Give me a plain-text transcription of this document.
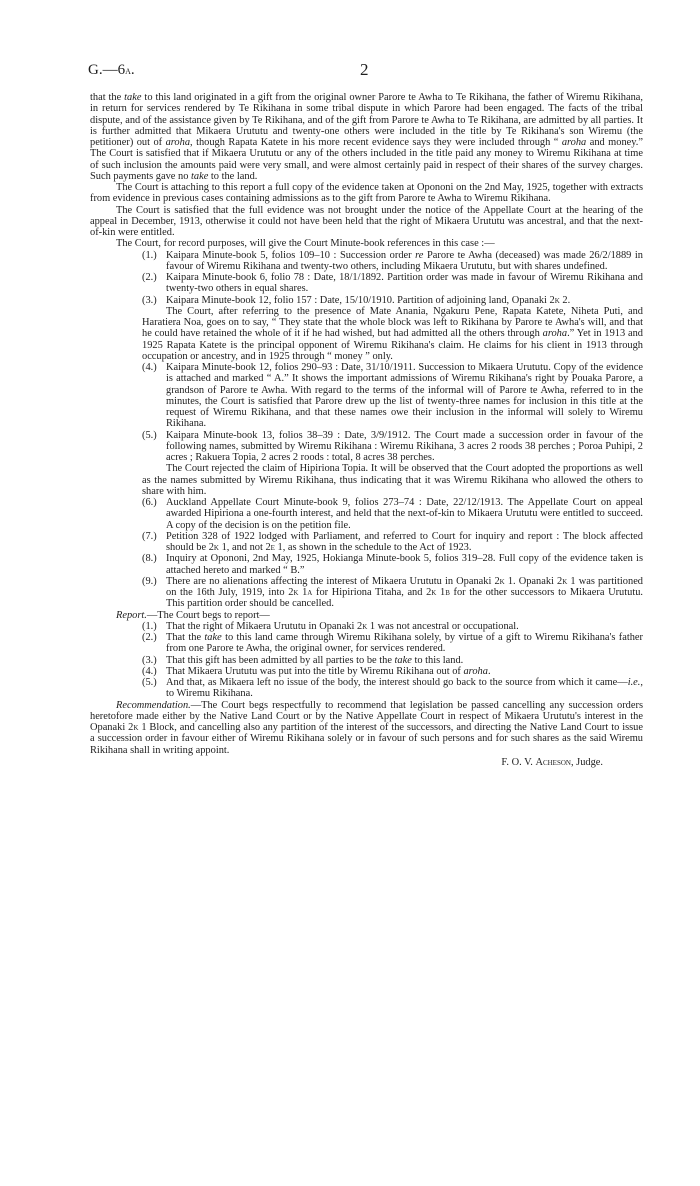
G.—6a.	2

that the take to this land originated in a gift from the original owner Parore te Awha to Te Rikihana, the father of Wiremu Rikihana, in return for services rendered by Te Rikihana in some tribal dispute in which Parore had been engaged. The facts of the tribal dispute, and of the assistance given by Te Rikihana, and of the gift from Parore te Awha to Te Rikihana, are admitted by all parties. It is further admitted that Mikaera Urututu and twenty-one others were included in the title by Te Rikihana's son Wiremu (the petitioner) out of aroha, though Rapata Katete in his more recent evidence says they were included through “ aroha and money.” The Court is satisfied that if Mikaera Urututu or any of the others included in the title paid any money to Wiremu Rikihana at time of such inclusion the amounts paid were very small, and were almost certainly paid in respect of their shares of the survey charges. Such payments gave no take to the land.

The Court is attaching to this report a full copy of the evidence taken at Opononi on the 2nd May, 1925, together with extracts from evidence in previous cases containing admissions as to the gift from Parore te Awha to Wiremu Rikihana.

The Court is satisfied that the full evidence was not brought under the notice of the Appellate Court at the hearing of the appeal in December, 1913, otherwise it could not have been held that the right of Mikaera Urututu was ancestral, and that the next-of-kin were entitled.

The Court, for record purposes, will give the Court Minute-book references in this case :—

(1.) Kaipara Minute-book 5, folios 109–10 : Succession order re Parore te Awha (deceased) was made 26/2/1889 in favour of Wiremu Rikihana and twenty-two others, including Mikaera Urututu, but with shares undefined.

(2.) Kaipara Minute-book 6, folio 78 : Date, 18/1/1892. Partition order was made in favour of Wiremu Rikihana and twenty-two others in equal shares.

(3.) Kaipara Minute-book 12, folio 157 : Date, 15/10/1910. Partition of adjoining land, Opanaki 2k 2.

The Court, after referring to the presence of Mate Anania, Ngakuru Pene, Rapata Katete, Niheta Puti, and Haratiera Noa, goes on to say, “ They state that the whole block was left to Rikihana by Parore te Awha's will, and that he could have retained the whole of it if he had wished, but had admitted all the others through aroha.” Yet in 1913 and 1925 Rapata Katete is the principal opponent of Wiremu Rikihana's claim. He claims for his client in 1913 through occupation or ancestry, and in 1925 through “ money ” only.

(4.) Kaipara Minute-book 12, folios 290–93 : Date, 31/10/1911. Succession to Mikaera Urututu. Copy of the evidence is attached and marked “ A.” It shows the important admissions of Wiremu Rikihana's right by Pouaka Parore, a grandson of Parore te Awha. With regard to the terms of the informal will of Parore te Awha, referred to in the minutes, the Court is satisfied that Parore drew up the list of twenty-three names for inclusion in this title at the request of Wiremu Rikihana, and that these names owe their inclusion in the informal will solely to Wiremu Rikihana.

(5.) Kaipara Minute-book 13, folios 38–39 : Date, 3/9/1912. The Court made a succession order in favour of the following names, submitted by Wiremu Rikihana : Wiremu Rikihana, 3 acres 2 roods 38 perches ; Poroa Puhipi, 2 acres ; Rakuera Topia, 2 acres 2 roods : total, 8 acres 38 perches.

The Court rejected the claim of Hipiriona Topia. It will be observed that the Court adopted the proportions as well as the names submitted by Wiremu Rikihana, thus indicating that it was Wiremu Rikihana who allowed the others to share with him.

(6.) Auckland Appellate Court Minute-book 9, folios 273–74 : Date, 22/12/1913. The Appellate Court on appeal awarded Hipiriona a one-fourth interest, and held that the next-of-kin to Mikaera Urututu were entitled to succeed. A copy of the decision is on the petition file.

(7.) Petition 328 of 1922 lodged with Parliament, and referred to Court for inquiry and report : The block affected should be 2k 1, and not 2e 1, as shown in the schedule to the Act of 1923.

(8.) Inquiry at Opononi, 2nd May, 1925, Hokianga Minute-book 5, folios 319–28. Full copy of the evidence taken is attached hereto and marked “ B.”

(9.) There are no alienations affecting the interest of Mikaera Urututu in Opanaki 2k 1. Opanaki 2k 1 was partitioned on the 16th July, 1919, into 2k 1a for Hipiriona Titaha, and 2k 1b for the other successors to Mikaera Urututu. This partition order should be cancelled.

Report.—The Court begs to report—

(1.) That the right of Mikaera Urututu in Opanaki 2k 1 was not ancestral or occupational.

(2.) That the take to this land came through Wiremu Rikihana solely, by virtue of a gift to Wiremu Rikihana's father from one Parore te Awha, the original owner, for services rendered.

(3.) That this gift has been admitted by all parties to be the take to this land.

(4.) That Mikaera Urututu was put into the title by Wiremu Rikihana out of aroha.

(5.) And that, as Mikaera left no issue of the body, the interest should go back to the source from which it came—i.e., to Wiremu Rikihana.

Recommendation.—The Court begs respectfully to recommend that legislation be passed cancelling any succession orders heretofore made either by the Native Land Court or by the Native Appellate Court in respect of Mikaera Urututu's interest in the Opanaki 2k 1 Block, and cancelling also any partition of the interest of the successors, and directing the Native Land Court to issue a succession order in favour either of Wiremu Rikihana solely or in favour of such persons and for such shares as the said Wiremu Rikihana shall in writing appoint.

F. O. V. Acheson, Judge.
